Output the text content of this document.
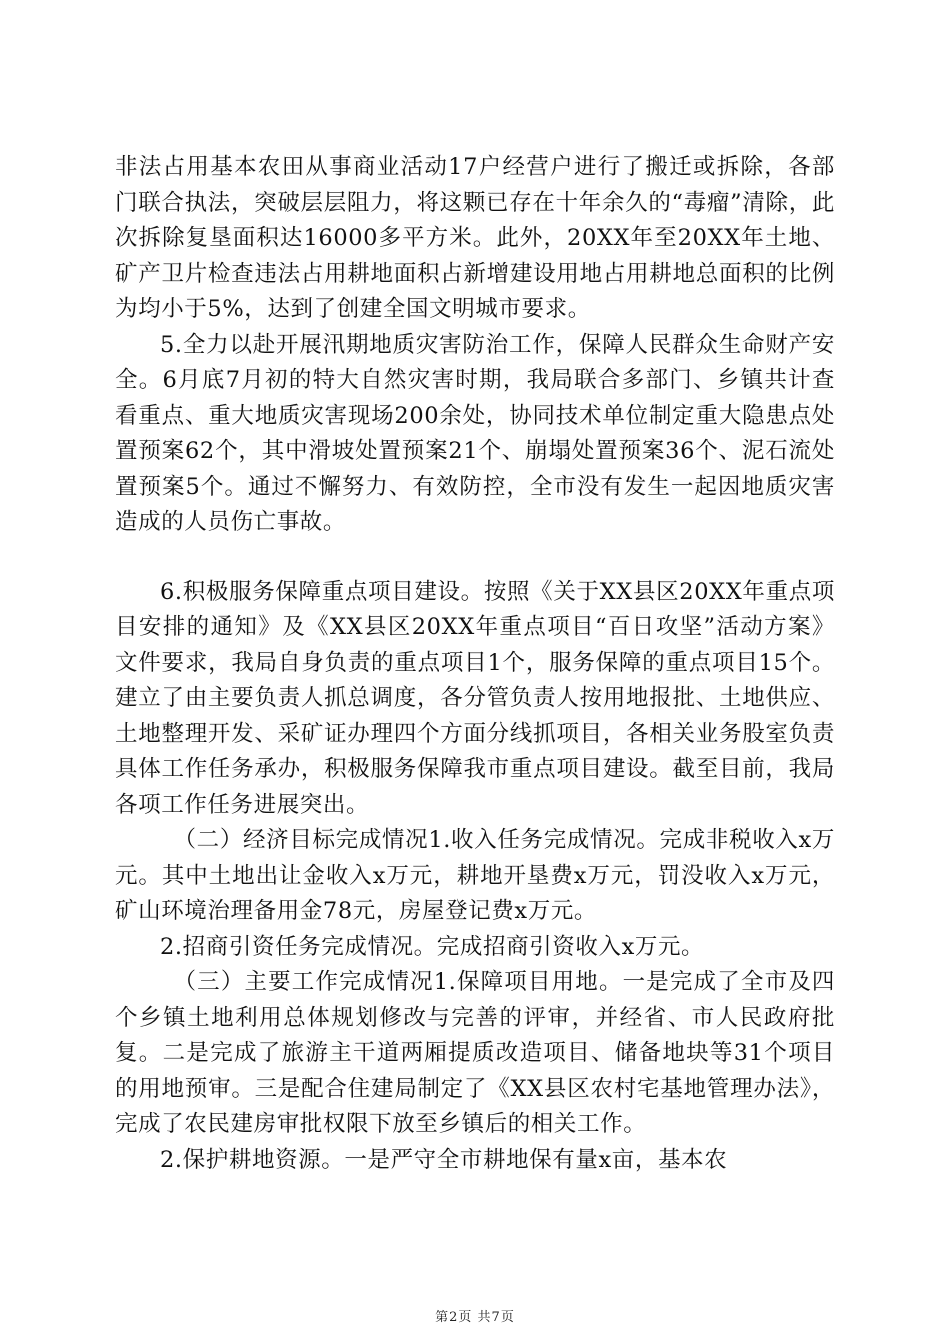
非法占用基本农田从事商业活动17户经营户进行了搬迁或拆除，各部门联合执法，突破层层阻力，将这颗已存在十年余久的“毒瘤”清除，此次拆除复垦面积达16000多平方米。此外，20XX年至20XX年土地、矿产卫片检查违法占用耕地面积占新增建设用地占用耕地总面积的比例为均小于5%，达到了创建全国文明城市要求。

5.全力以赴开展汛期地质灾害防治工作，保障人民群众生命财产安全。6月底7月初的特大自然灾害时期，我局联合多部门、乡镇共计查看重点、重大地质灾害现场200余处，协同技术单位制定重大隐患点处置预案62个，其中滑坡处置预案21个、崩塌处置预案36个、泥石流处置预案5个。通过不懈努力、有效防控，全市没有发生一起因地质灾害造成的人员伤亡事故。

6.积极服务保障重点项目建设。按照《关于XX县区20XX年重点项目安排的通知》及《XX县区20XX年重点项目“百日攻坚”活动方案》文件要求，我局自身负责的重点项目1个，服务保障的重点项目15个。建立了由主要负责人抓总调度，各分管负责人按用地报批、土地供应、土地整理开发、采矿证办理四个方面分线抓项目，各相关业务股室负责具体工作任务承办，积极服务保障我市重点项目建设。截至目前，我局各项工作任务进展突出。

（二）经济目标完成情况1.收入任务完成情况。完成非税收入x万元。其中土地出让金收入x万元，耕地开垦费x万元，罚没收入x万元，矿山环境治理备用金78元，房屋登记费x万元。

2.招商引资任务完成情况。完成招商引资收入x万元。

（三）主要工作完成情况1.保障项目用地。一是完成了全市及四个乡镇土地利用总体规划修改与完善的评审，并经省、市人民政府批复。二是完成了旅游主干道两厢提质改造项目、储备地块等31个项目的用地预审。三是配合住建局制定了《XX县区农村宅基地管理办法》，完成了农民建房审批权限下放至乡镇后的相关工作。

2.保护耕地资源。一是严守全市耕地保有量x亩，基本农

第2页 共7页
